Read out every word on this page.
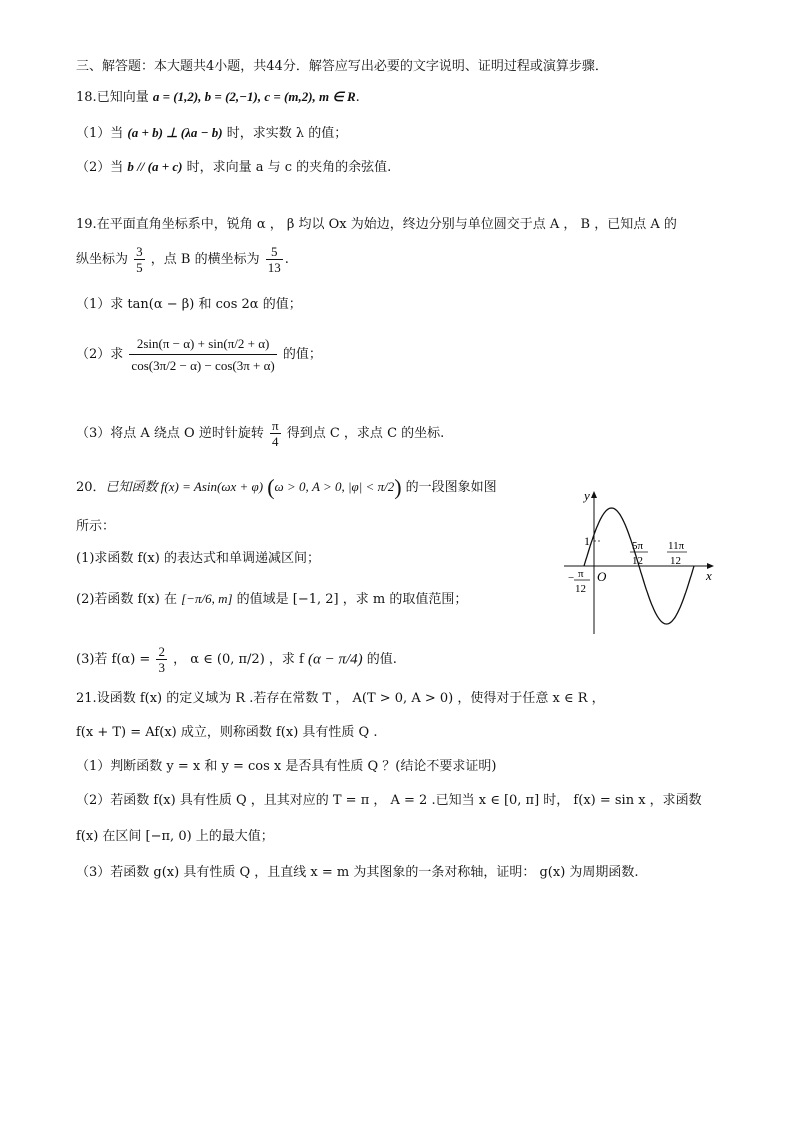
三、解答题：本大题共4小题，共44分．解答应写出必要的文字说明、证明过程或演算步骤．
18.已知向量 a = (1,2), b = (2,−1), c = (m,2), m ∈ R.
（1）当 (a + b) ⊥ (λa − b) 时，求实数 λ 的值；
（2）当 b // (a + c) 时，求向量 a 与 c 的夹角的余弦值.
19.在平面直角坐标系中，锐角 α ， β 均以 Ox 为始边，终边分别与单位圆交于点 A ， B ，已知点 A 的
纵坐标为 $\frac{3}{5}$ ，点 B 的横坐标为 $\frac{5}{13}$ .
（1）求 tan(α − β) 和 cos 2α 的值；
（2）求 $\frac{2\sin(\pi - \alpha) + \sin(\pi/2 + \alpha)}{\cos(3\pi/2 - \alpha) - \cos(3\pi + \alpha)}$ 的值；
（3）将点 A 绕点 O 逆时针旋转 $\frac{\pi}{4}$ 得到点 C ，求点 C 的坐标.
20．已知函数 f(x) = Asin(ωx + φ) (ω > 0, A > 0, |φ| < π/2) 的一段图象如图
所示：
(1)求函数 f(x) 的表达式和单调递减区间；
(2)若函数 f(x) 在 [−π/6, m] 的值域是 [−1, 2] ，求 m 的取值范围；
(3)若 $f(\alpha) = \frac{2}{3}$ ， α ∈ (0, π/2) ，求 f (α − π/4) 的值.
y
x
O
1
− π
12
5π
12
11π
12
21.设函数 f(x) 的定义域为 R .若存在常数 T ， A(T > 0, A > 0) ，使得对于任意 x ∈ R ，
f(x + T) = Af(x) 成立，则称函数 f(x) 具有性质 Q .
（1）判断函数 y = x 和 y = cos x 是否具有性质 Q ？(结论不要求证明)
（2）若函数 f(x) 具有性质 Q ，且其对应的 T = π ， A = 2 .已知当 x ∈ [0, π] 时， f(x) = sin x ，求函数
f(x) 在区间 [−π, 0) 上的最大值；
（3）若函数 g(x) 具有性质 Q ，且直线 x = m 为其图象的一条对称轴，证明： g(x) 为周期函数.
